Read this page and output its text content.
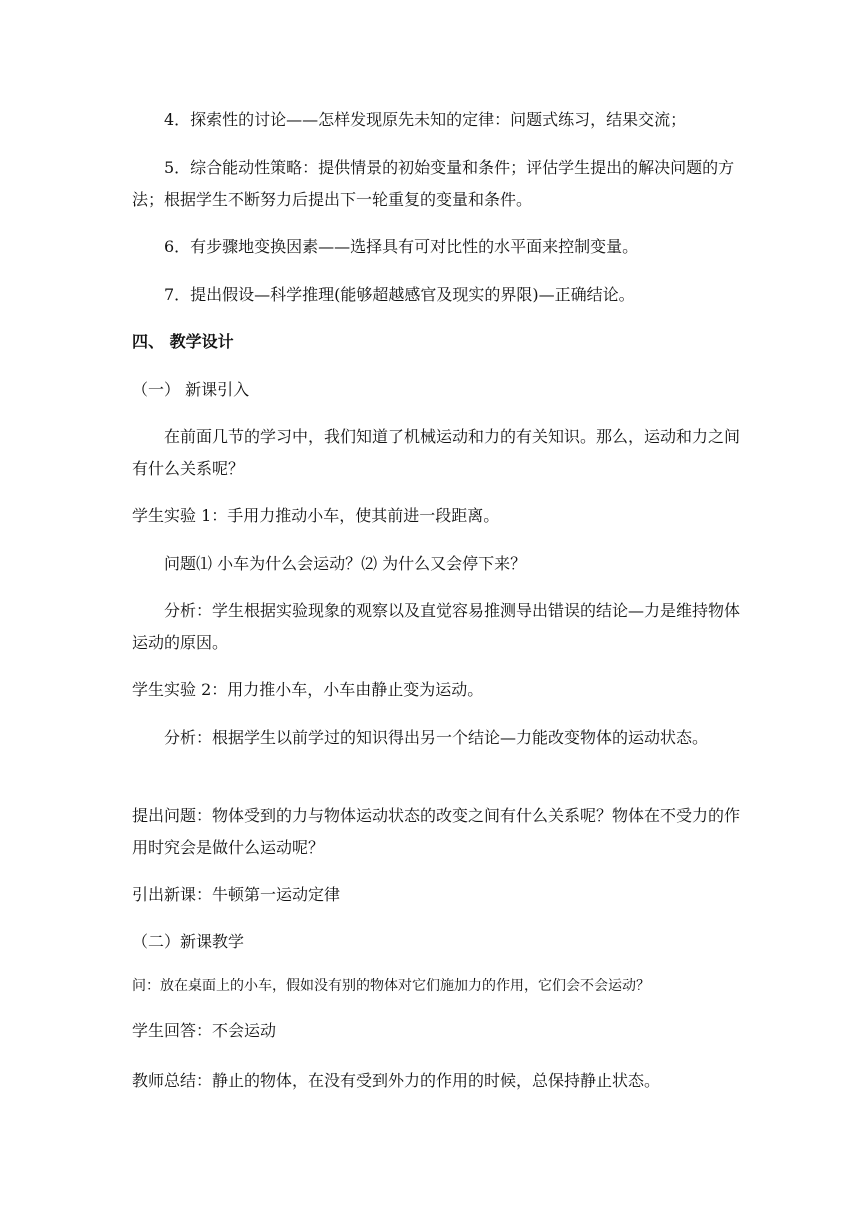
4．探索性的讨论——怎样发现原先未知的定律：问题式练习，结果交流；
5．综合能动性策略：提供情景的初始变量和条件；评估学生提出的解决问题的方法；根据学生不断努力后提出下一轮重复的变量和条件。
6．有步骤地变换因素——选择具有可对比性的水平面来控制变量。
7．提出假设—科学推理(能够超越感官及现实的界限)—正确结论。
四、 教学设计
（一） 新课引入
在前面几节的学习中，我们知道了机械运动和力的有关知识。那么，运动和力之间有什么关系呢？
学生实验 1：手用力推动小车，使其前进一段距离。
问题⑴ 小车为什么会运动？⑵ 为什么又会停下来？
分析：学生根据实验现象的观察以及直觉容易推测导出错误的结论—力是维持物体运动的原因。
学生实验 2：用力推小车，小车由静止变为运动。
分析：根据学生以前学过的知识得出另一个结论—力能改变物体的运动状态。
提出问题：物体受到的力与物体运动状态的改变之间有什么关系呢？物体在不受力的作用时究会是做什么运动呢？
引出新课：牛顿第一运动定律
（二）新课教学
问：放在桌面上的小车，假如没有别的物体对它们施加力的作用，它们会不会运动？
学生回答：不会运动
教师总结：静止的物体，在没有受到外力的作用的时候，总保持静止状态。
